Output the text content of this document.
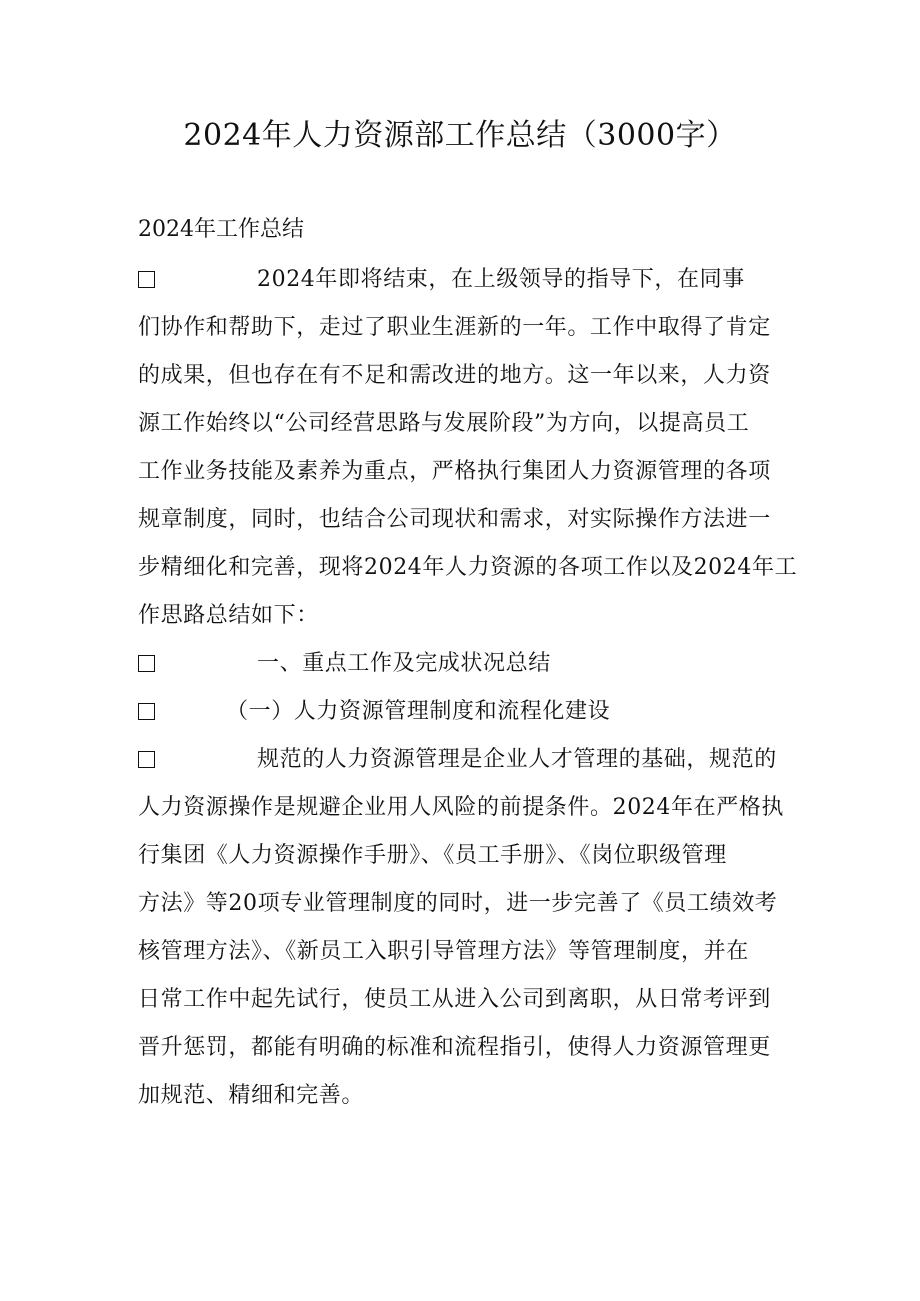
2024年人力资源部工作总结（3000字）

2024年工作总结

2024年即将结束，在上级领导的指导下，在同事

们协作和帮助下，走过了职业生涯新的一年。工作中取得了肯定

的成果，但也存在有不足和需改进的地方。这一年以来，人力资

源工作始终以“公司经营思路与发展阶段”为方向，以提高员工

工作业务技能及素养为重点，严格执行集团人力资源管理的各项

规章制度，同时，也结合公司现状和需求，对实际操作方法进一

步精细化和完善，现将2024年人力资源的各项工作以及2024年工

作思路总结如下：

一、重点工作及完成状况总结
（一）人力资源管理制度和流程化建设
规范的人力资源管理是企业人才管理的基础，规范的

人力资源操作是规避企业用人风险的前提条件。2024年在严格执

行集团《人力资源操作手册》、《员工手册》、《岗位职级管理

方法》等20项专业管理制度的同时，进一步完善了《员工绩效考

核管理方法》、《新员工入职引导管理方法》等管理制度，并在

日常工作中起先试行，使员工从进入公司到离职，从日常考评到

晋升惩罚，都能有明确的标准和流程指引，使得人力资源管理更

加规范、精细和完善。
